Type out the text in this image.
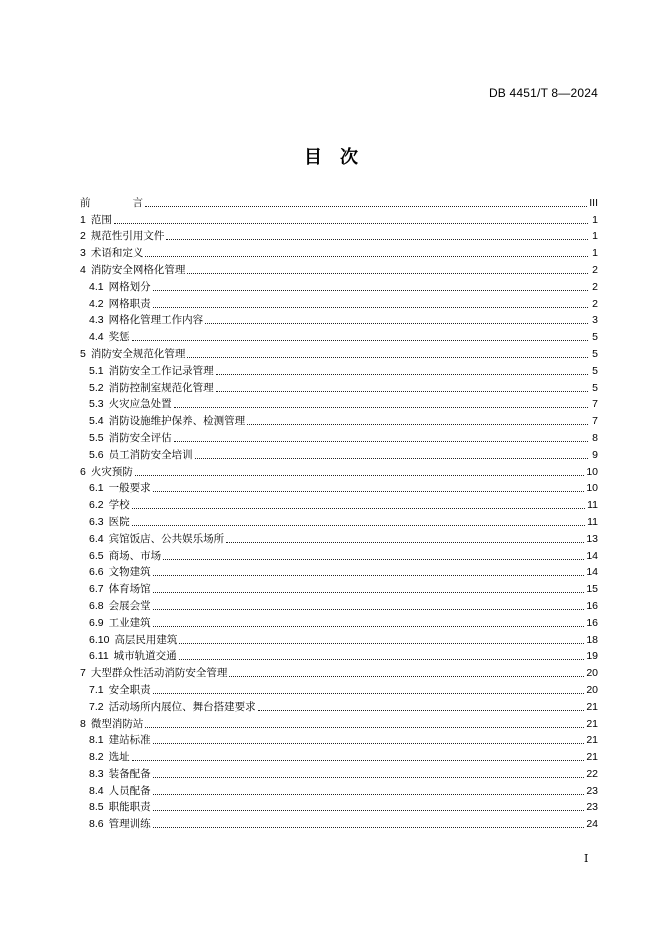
DB 4451/T 8—2024
目　次
前	言	III
1 范围	1
2 规范性引用文件	1
3 术语和定义	1
4 消防安全网格化管理	2
4.1 网格划分	2
4.2 网格职责	2
4.3 网格化管理工作内容	3
4.4 奖惩	5
5 消防安全规范化管理	5
5.1 消防安全工作记录管理	5
5.2 消防控制室规范化管理	5
5.3 火灾应急处置	7
5.4 消防设施维护保养、检测管理	7
5.5 消防安全评估	8
5.6 员工消防安全培训	9
6 火灾预防	10
6.1 一般要求	10
6.2 学校	11
6.3 医院	11
6.4 宾馆饭店、公共娱乐场所	13
6.5 商场、市场	14
6.6 文物建筑	14
6.7 体育场馆	15
6.8 会展会堂	16
6.9 工业建筑	16
6.10 高层民用建筑	18
6.11 城市轨道交通	19
7 大型群众性活动消防安全管理	20
7.1 安全职责	20
7.2 活动场所内展位、舞台搭建要求	21
8 微型消防站	21
8.1 建站标准	21
8.2 选址	21
8.3 装备配备	22
8.4 人员配备	23
8.5 职能职责	23
8.6 管理训练	24
I
